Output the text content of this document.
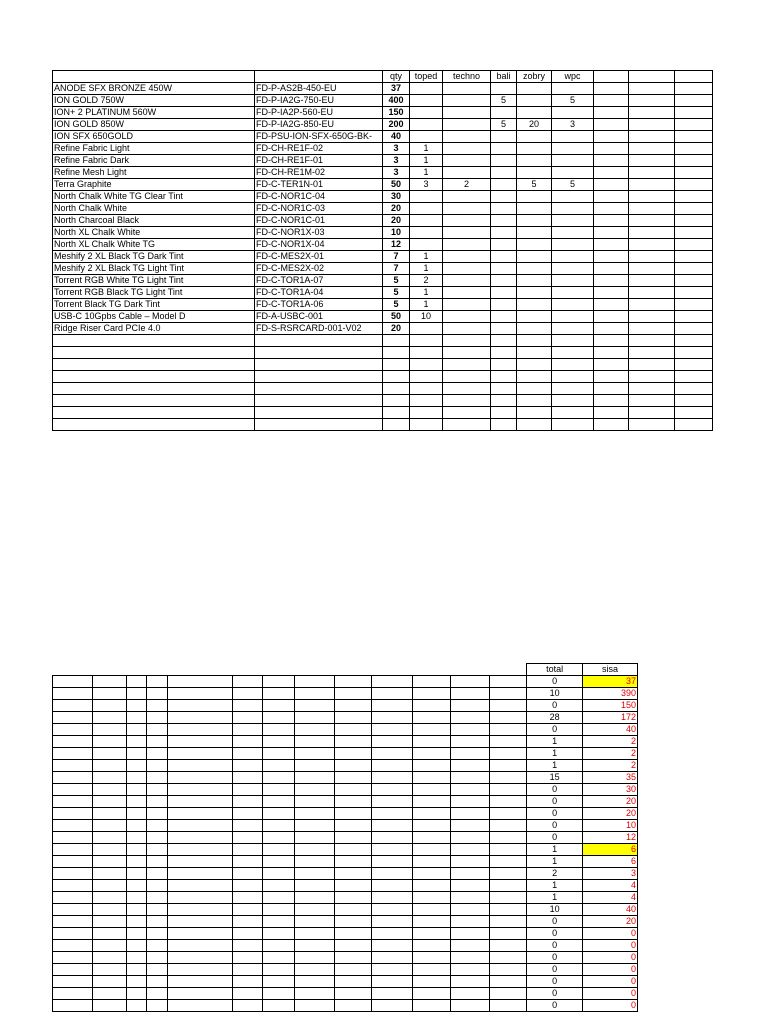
		qty	toped	techno	bali	zobry	wpc			
ANODE SFX BRONZE 450W	FD-P-AS2B-450-EU	37								
ION GOLD 750W	FD-P-IA2G-750-EU	400			5		5			
ION+ 2 PLATINUM 560W	FD-P-IA2P-560-EU	150								
ION GOLD 850W	FD-P-IA2G-850-EU	200			5	20	3			
ION SFX 650GOLD	FD-PSU-ION-SFX-650G-BK-	40								
Refine Fabric Light	FD-CH-RE1F-02	3	1							
Refine Fabric Dark	FD-CH-RE1F-01	3	1							
Refine Mesh Light	FD-CH-RE1M-02	3	1							
Terra Graphite	FD-C-TER1N-01	50	3	2		5	5			
North Chalk White TG Clear Tint	FD-C-NOR1C-04	30								
North Chalk White	FD-C-NOR1C-03	20								
North Charcoal Black	FD-C-NOR1C-01	20								
North XL Chalk White	FD-C-NOR1X-03	10								
North XL Chalk White TG	FD-C-NOR1X-04	12								
Meshify 2 XL Black TG Dark Tint	FD-C-MES2X-01	7	1							
Meshify 2 XL Black TG Light Tint	FD-C-MES2X-02	7	1							
Torrent RGB White TG Light Tint	FD-C-TOR1A-07	5	2							
Torrent RGB Black TG Light Tint	FD-C-TOR1A-04	5	1							
Torrent Black TG Dark Tint	FD-C-TOR1A-06	5	1							
USB-C 10Gpbs Cable – Model D	FD-A-USBC-001	50	10							
Ridge Riser Card PCIe 4.0	FD-S-RSRCARD-001-V02	20								

													total	sisa
													0	37
													10	390
													0	150
													28	172
													0	40
													1	2
													1	2
													1	2
													15	35
													0	30
													0	20
													0	20
													0	10
													0	12
													1	6
													1	6
													2	3
													1	4
													1	4
													10	40
													0	20
													0	0
													0	0
													0	0
													0	0
													0	0
													0	0
													0	0
